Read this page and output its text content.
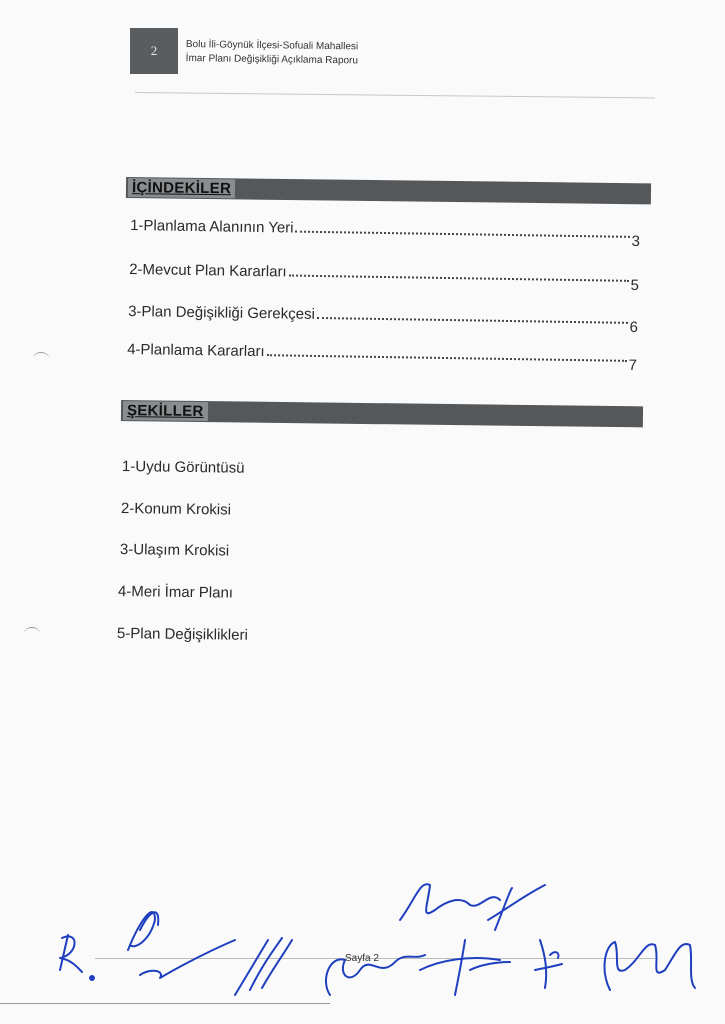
2	Bolu İli-Göynük İlçesi-Sofuali Mahallesi
İmar Planı Değişikliği Açıklama Raporu
İÇİNDEKİLER
1-Planlama Alanının Yeri
3
2-Mevcut Plan Kararları
5
3-Plan Değişikliği Gerekçesi
6
4-Planlama Kararları
7
ŞEKİLLER
1-Uydu Görüntüsü
2-Konum Krokisi
3-Ulaşım Krokisi
4-Meri İmar Planı
5-Plan Değişiklikleri
Sayfa 2
